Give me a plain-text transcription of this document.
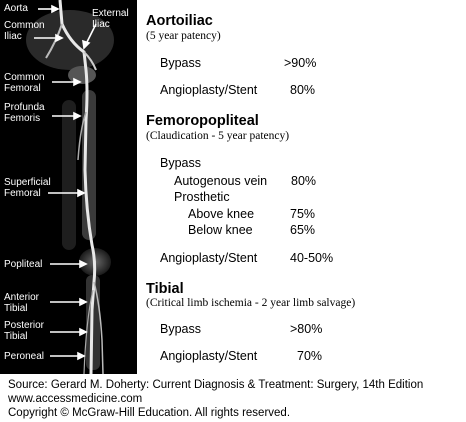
Aorta	External
Iliac
Common
Iliac
Common
Femoral
Profunda
Femoris
Superficial
Femoral
Popliteal
Anterior
Tibial
Posterior
Tibial
Peroneal
Aortoiliac
(5 year patency)
Bypass	>90%
Angioplasty/Stent	80%
Femoropopliteal
(Claudication - 5 year patency)
Bypass
Autogenous vein 80%
Prosthetic
Above knee	75%
Below knee	65%
Angioplasty/Stent	40-50%
Tibial
(Critical limb ischemia - 2 year limb salvage)
Bypass	>80%
Angioplasty/Stent	70%
Source: Gerard M. Doherty: Current Diagnosis & Treatment: Surgery, 14th Edition
www.accessmedicine.com
Copyright © McGraw-Hill Education. All rights reserved.
